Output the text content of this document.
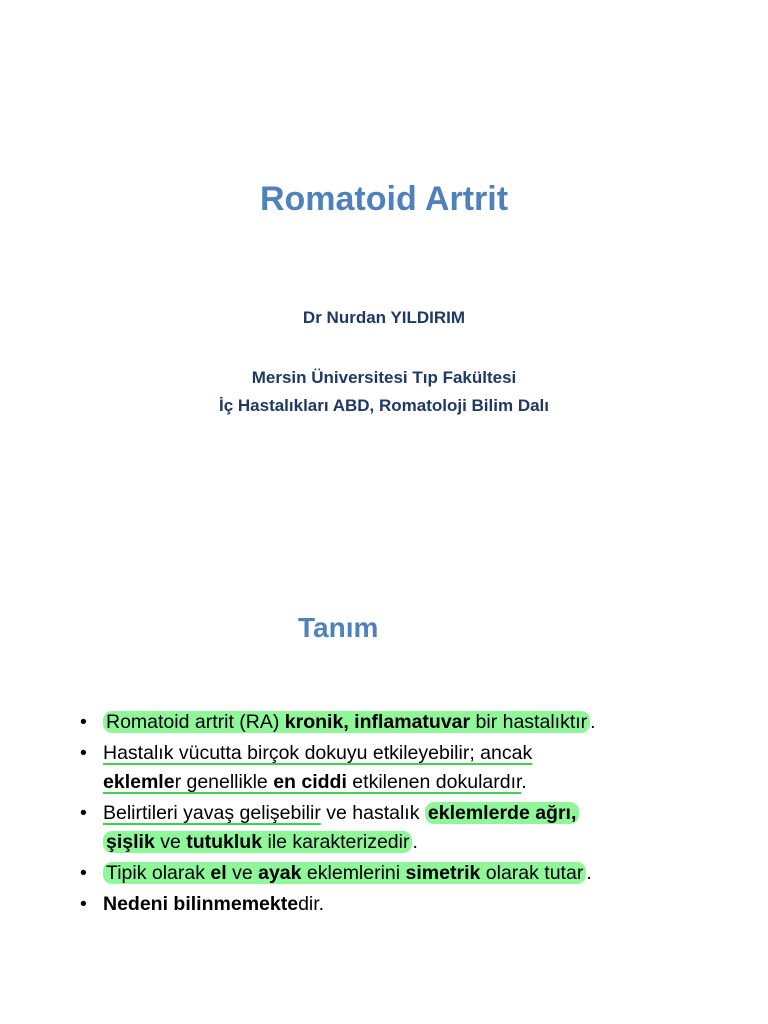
Romatoid Artrit
Dr Nurdan YILDIRIM
Mersin Üniversitesi Tıp Fakültesi
İç Hastalıkları ABD, Romatoloji Bilim Dalı
Tanım
• Romatoid artrit (RA) kronik, inflamatuvar bir hastalıktır .
• Hastalık vücutta birçok dokuyu etkileyebilir; ancak
eklemler genellikle en ciddi etkilenen dokulardır.
• Belirtileri yavaş gelişebilir ve hastalık eklemlerde ağrı,
şişlik ve tutukluk ile karakterizedir .
• Tipik olarak el ve ayak eklemlerini simetrik olarak tutar .
• Nedeni bilinmemektedir.
